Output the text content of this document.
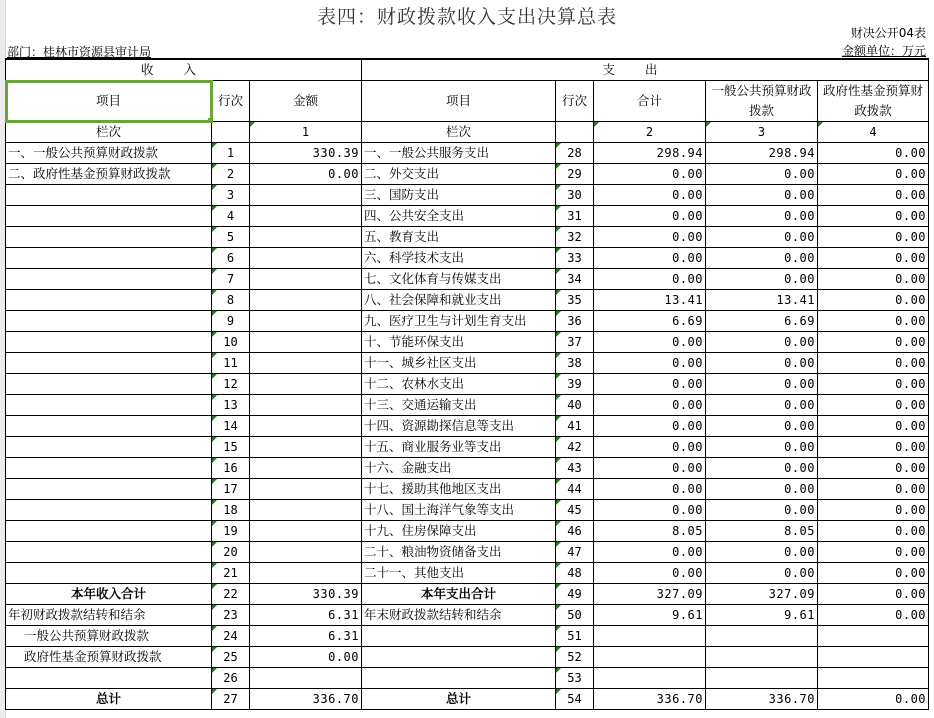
表四：财政拨款收入支出决算总表
财决公开04表
部门：桂林市资源县审计局	金额单位：万元
收入			支出				
项目	行次	金额	项目	行次	合计	一般公共预算财政拨款	政府性基金预算财政拨款
栏次		1	栏次		2	3	4
一、一般公共预算财政拨款	1	330.39	一、一般公共服务支出	28	298.94	298.94	0.00
二、政府性基金预算财政拨款	2	0.00	二、外交支出	29	0.00	0.00	0.00
	3		三、国防支出	30	0.00	0.00	0.00
	4		四、公共安全支出	31	0.00	0.00	0.00
	5		五、教育支出	32	0.00	0.00	0.00
	6		六、科学技术支出	33	0.00	0.00	0.00
	7		七、文化体育与传媒支出	34	0.00	0.00	0.00
	8		八、社会保障和就业支出	35	13.41	13.41	0.00
	9		九、医疗卫生与计划生育支出	36	6.69	6.69	0.00
	10		十、节能环保支出	37	0.00	0.00	0.00
	11		十一、城乡社区支出	38	0.00	0.00	0.00
	12		十二、农林水支出	39	0.00	0.00	0.00
	13		十三、交通运输支出	40	0.00	0.00	0.00
	14		十四、资源勘探信息等支出	41	0.00	0.00	0.00
	15		十五、商业服务业等支出	42	0.00	0.00	0.00
	16		十六、金融支出	43	0.00	0.00	0.00
	17		十七、援助其他地区支出	44	0.00	0.00	0.00
	18		十八、国土海洋气象等支出	45	0.00	0.00	0.00
	19		十九、住房保障支出	46	8.05	8.05	0.00
	20		二十、粮油物资储备支出	47	0.00	0.00	0.00
	21		二十一、其他支出	48	0.00	0.00	0.00
本年收入合计	22	330.39	本年支出合计	49	327.09	327.09	0.00
年初财政拨款结转和结余	23	6.31	年末财政拨款结转和结余	50	9.61	9.61	0.00
一般公共预算财政拨款	24	6.31		51			
政府性基金预算财政拨款	25	0.00		52			
	26			53			
总计	27	336.70	总计	54	336.70	336.70	0.00
